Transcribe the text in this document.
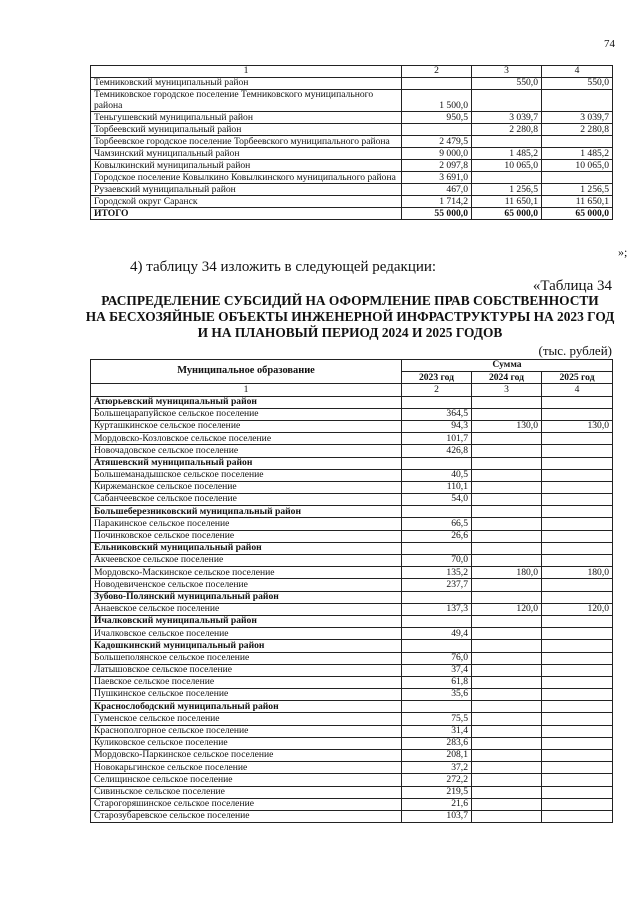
74
1	2	3	4
Темниковский муниципальный район		550,0	550,0
Темниковское городское поселение Темниковского муниципального района	1 500,0		
Теньгушевский муниципальный район	950,5	3 039,7	3 039,7
Торбеевский муниципальный район		2 280,8	2 280,8
Торбеевское городское поселение Торбеевского муниципального района	2 479,5		
Чамзинский муниципальный район	9 000,0	1 485,2	1 485,2
Ковылкинский муниципальный район	2 097,8	10 065,0	10 065,0
Городское поселение Ковылкино Ковылкинского муниципального района	3 691,0		
Рузаевский муниципальный район	467,0	1 256,5	1 256,5
Городской округ Саранск	1 714,2	11 650,1	11 650,1
ИТОГО	55 000,0	65 000,0	65 000,0
»;
4) таблицу 34 изложить в следующей редакции:
«Таблица 34
РАСПРЕДЕЛЕНИЕ СУБСИДИЙ НА ОФОРМЛЕНИЕ ПРАВ СОБСТВЕННОСТИ
НА БЕСХОЗЯЙНЫЕ ОБЪЕКТЫ ИНЖЕНЕРНОЙ ИНФРАСТРУКТУРЫ НА 2023 ГОД
И НА ПЛАНОВЫЙ ПЕРИОД 2024 И 2025 ГОДОВ
(тыс. рублей)
Муниципальное образование	Сумма		
	2023 год	2024 год	2025 год
1	2	3	4
Атюрьевский муниципальный район			
Большецарапуйское сельское поселение	364,5		
Курташкинское сельское поселение	94,3	130,0	130,0
Мордовско-Козловское сельское поселение	101,7		
Новочадовское сельское поселение	426,8		
Атяшевский муниципальный район			
Большеманадышское сельское поселение	40,5		
Киржеманское сельское поселение	110,1		
Сабанчеевское сельское поселение	54,0		
Большеберезниковский муниципальный район			
Паракинское сельское поселение	66,5		
Починковское сельское поселение	26,6		
Ельниковский муниципальный район			
Акчеевское сельское поселение	70,0		
Мордовско-Маскинское сельское поселение	135,2	180,0	180,0
Новодевиченское сельское поселение	237,7		
Зубово-Полянский муниципальный район			
Анаевское сельское поселение	137,3	120,0	120,0
Ичалковский муниципальный район			
Ичалковское сельское поселение	49,4		
Кадошкинский муниципальный район			
Большеполянское сельское поселение	76,0		
Латышовское сельское поселение	37,4		
Паевское сельское поселение	61,8		
Пушкинское сельское поселение	35,6		
Краснослободский муниципальный район			
Гуменское сельское поселение	75,5		
Краснополгорное сельское поселение	31,4		
Куликовское сельское поселение	283,6		
Мордовско-Паркинское сельское поселение	208,1		
Новокарьгинское сельское поселение	37,2		
Селищинское сельское поселение	272,2		
Сивиньское сельское поселение	219,5		
Старогоряшинское сельское поселение	21,6		
Старозубаревское сельское поселение	103,7		
